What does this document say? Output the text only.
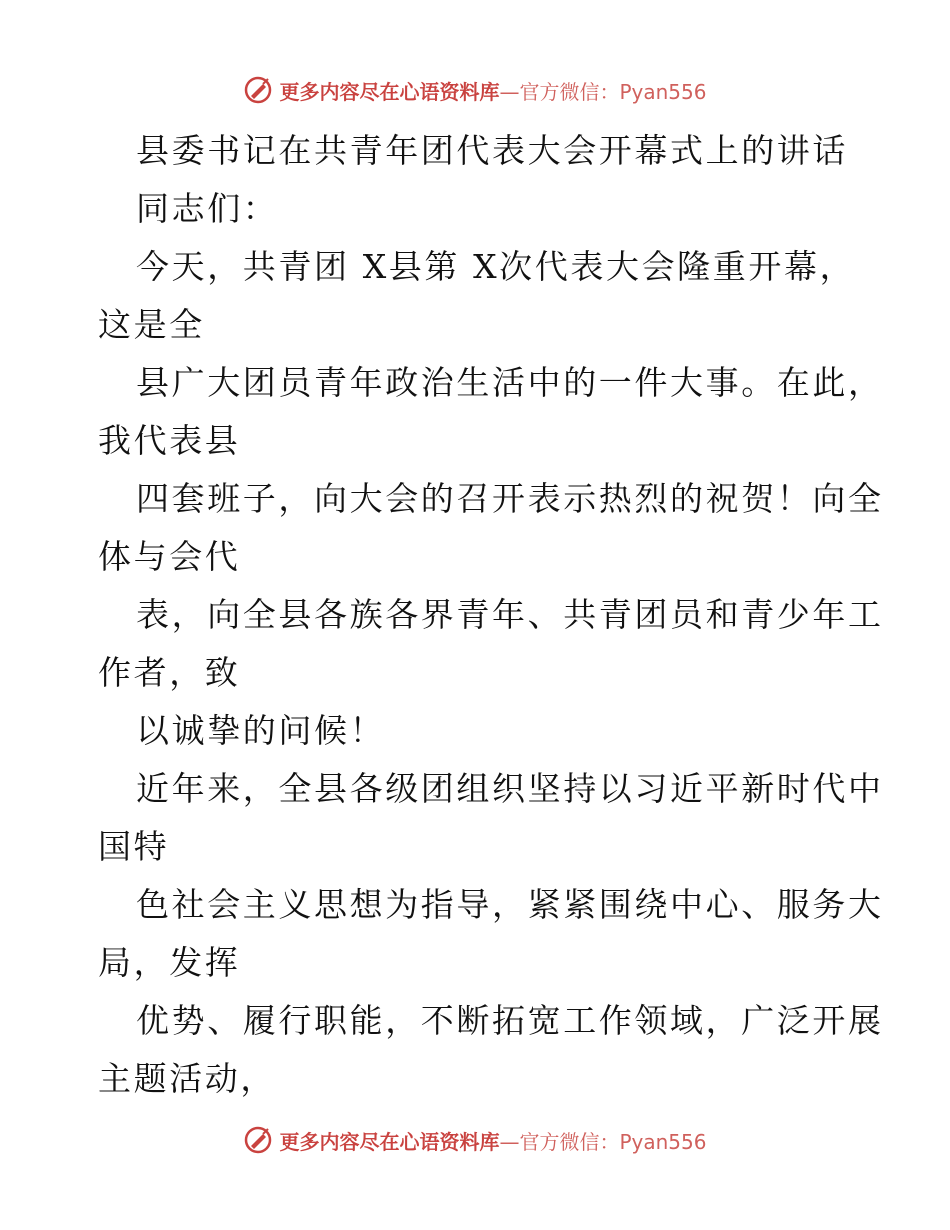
更多内容尽在心语资料库—官方微信：Pyan556
县委书记在共青年团代表大会开幕式上的讲话
同志们：
今天，共青团 X县第 X次代表大会隆重开幕，
这是全
县广大团员青年政治生活中的一件大事。在此，
我代表县
四套班子，向大会的召开表示热烈的祝贺！向全
体与会代
表，向全县各族各界青年、共青团员和青少年工
作者，致
以诚挚的问候！
近年来，全县各级团组织坚持以习近平新时代中
国特
色社会主义思想为指导，紧紧围绕中心、服务大
局，发挥
优势、履行职能，不断拓宽工作领域，广泛开展
主题活动，
更多内容尽在心语资料库—官方微信：Pyan556
